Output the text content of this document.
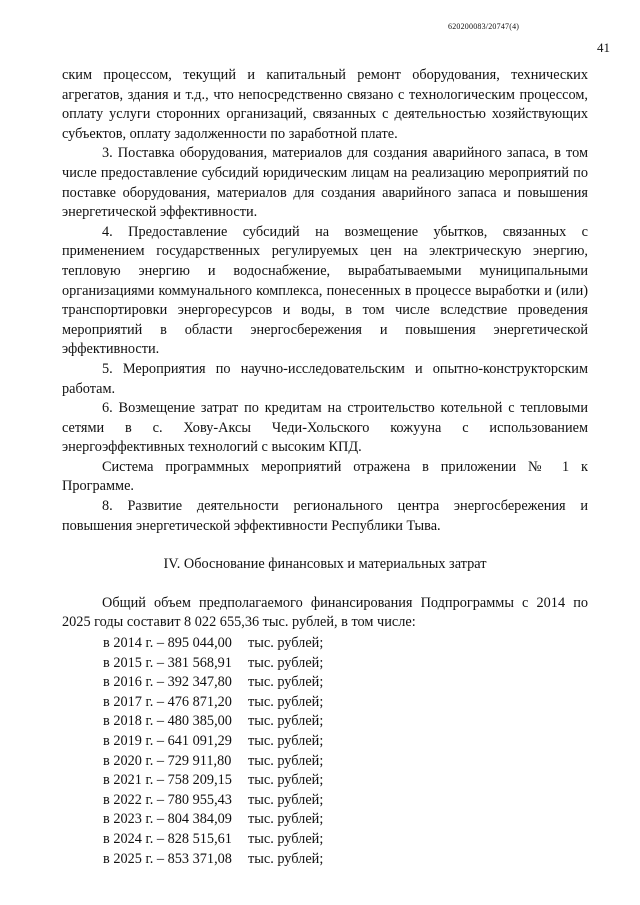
620200083/20747(4)
41

ским процессом, текущий и капитальный ремонт оборудования, технических агрегатов, здания и т.д., что непосредственно связано с технологическим процессом, оплату услуги сторонних организаций, связанных с деятельностью хозяйствующих субъектов, оплату задолженности по заработной плате.

3. Поставка оборудования, материалов для создания аварийного запаса, в том числе предоставление субсидий юридическим лицам на реализацию мероприятий по поставке оборудования, материалов для создания аварийного запаса и повышения энергетической эффективности.

4. Предоставление субсидий на возмещение убытков, связанных с применением государственных регулируемых цен на электрическую энергию, тепловую энергию и водоснабжение, вырабатываемыми муниципальными организациями коммунального комплекса, понесенных в процессе выработки и (или) транспортировки энергоресурсов и воды, в том числе вследствие проведения мероприятий в области энергосбережения и повышения энергетической эффективности.

5. Мероприятия по научно-исследовательским и опытно-конструкторским работам.

6. Возмещение затрат по кредитам на строительство котельной с тепловыми сетями в с. Хову-Аксы Чеди-Хольского кожууна с использованием энергоэффективных технологий с высоким КПД.

Система программных мероприятий отражена в приложении № 1 к Программе.

8. Развитие деятельности регионального центра энергосбережения и повышения энергетической эффективности Республики Тыва.

IV. Обоснование финансовых и материальных затрат

Общий объем предполагаемого финансирования Подпрограммы с 2014 по 2025 годы составит 8 022 655,36 тыс. рублей, в том числе:

в 2014 г. – 895 044,00 тыс. рублей;
в 2015 г. – 381 568,91 тыс. рублей;
в 2016 г. – 392 347,80 тыс. рублей;
в 2017 г. – 476 871,20 тыс. рублей;
в 2018 г. – 480 385,00 тыс. рублей;
в 2019 г. – 641 091,29 тыс. рублей;
в 2020 г. – 729 911,80 тыс. рублей;
в 2021 г. – 758 209,15 тыс. рублей;
в 2022 г. – 780 955,43 тыс. рублей;
в 2023 г. – 804 384,09 тыс. рублей;
в 2024 г. – 828 515,61 тыс. рублей;
в 2025 г. – 853 371,08 тыс. рублей;
